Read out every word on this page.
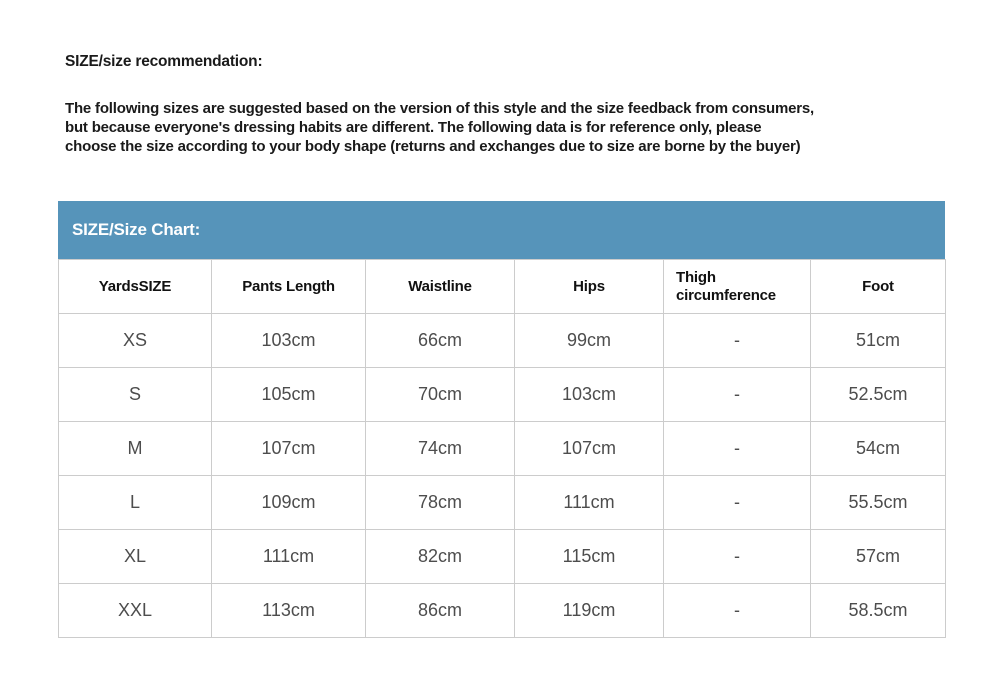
SIZE/size recommendation:
The following sizes are suggested based on the version of this style and the size feedback from consumers,
but because everyone's dressing habits are different. The following data is for reference only, please
choose the size according to your body shape (returns and exchanges due to size are borne by the buyer)
SIZE/Size Chart:
YardsSIZE	Pants Length	Waistline	Hips	Thigh circumference	Foot
XS	103cm	66cm	99cm	-	51cm
S	105cm	70cm	103cm	-	52.5cm
M	107cm	74cm	107cm	-	54cm
L	109cm	78cm	111cm	-	55.5cm
XL	111cm	82cm	115cm	-	57cm
XXL	113cm	86cm	119cm	-	58.5cm
